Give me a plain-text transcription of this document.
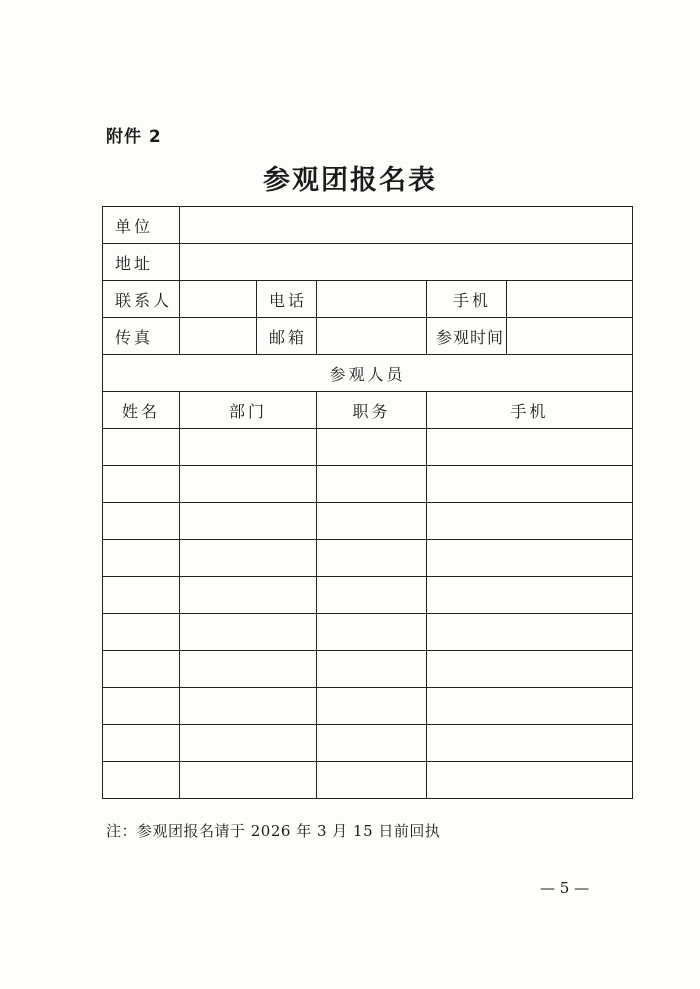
附件 2
参观团报名表
单位					
地址					
联系人		电话		手机	
传真		邮箱		参观时间	
参观人员					
姓名	部门		职务	手机	

注：参观团报名请于 2026 年 3 月 15 日前回执
— 5 —
